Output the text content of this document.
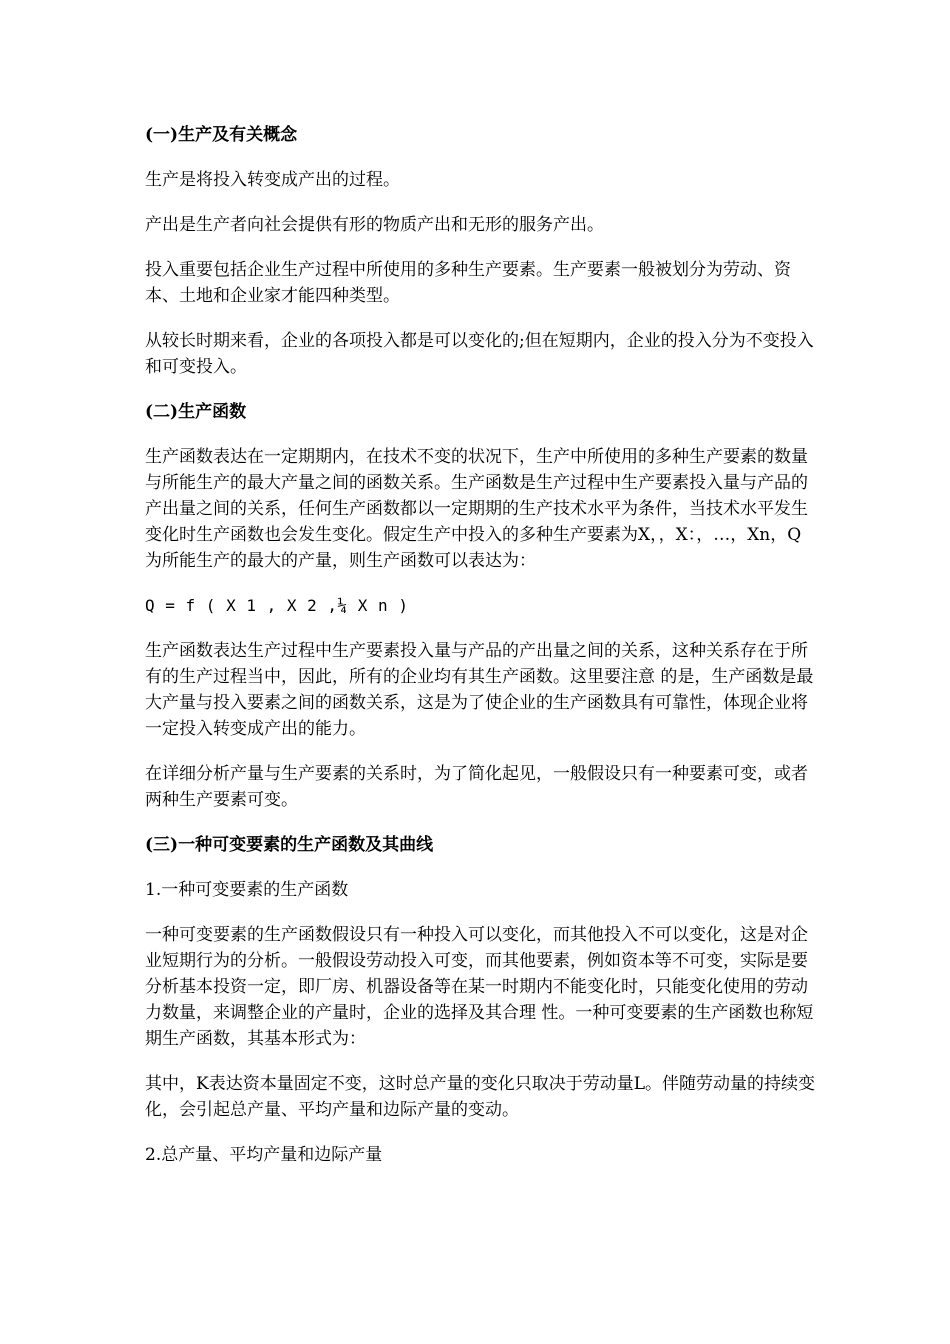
(一)生产及有关概念
生产是将投入转变成产出的过程。
产出是生产者向社会提供有形的物质产出和无形的服务产出。
投入重要包括企业生产过程中所使用的多种生产要素。生产要素一般被划分为劳动、资本、土地和企业家才能四种类型。
从较长时期来看，企业的各项投入都是可以变化的;但在短期内，企业的投入分为不变投入和可变投入。
(二)生产函数
生产函数表达在一定期期内，在技术不变的状况下，生产中所使用的多种生产要素的数量与所能生产的最大产量之间的函数关系。生产函数是生产过程中生产要素投入量与产品的产出量之间的关系，任何生产函数都以一定期期的生产技术水平为条件，当技术水平发生变化时生产函数也会发生变化。假定生产中投入的多种生产要素为X，，X：，…，Xn，Q为所能生产的最大的产量，则生产函数可以表达为：
Q = f ( X 1 , X 2 ,¼ X n )
生产函数表达生产过程中生产要素投入量与产品的产出量之间的关系，这种关系存在于所有的生产过程当中，因此，所有的企业均有其生产函数。这里要注意 的是，生产函数是最大产量与投入要素之间的函数关系，这是为了使企业的生产函数具有可靠性，体现企业将一定投入转变成产出的能力。
在详细分析产量与生产要素的关系时，为了简化起见，一般假设只有一种要素可变，或者两种生产要素可变。
(三)一种可变要素的生产函数及其曲线
1.一种可变要素的生产函数
一种可变要素的生产函数假设只有一种投入可以变化，而其他投入不可以变化，这是对企业短期行为的分析。一般假设劳动投入可变，而其他要素，例如资本等不可变，实际是要分析基本投资一定，即厂房、机器设备等在某一时期内不能变化时，只能变化使用的劳动力数量，来调整企业的产量时，企业的选择及其合理 性。一种可变要素的生产函数也称短期生产函数，其基本形式为：
其中，K表达资本量固定不变，这时总产量的变化只取决于劳动量L。伴随劳动量的持续变化，会引起总产量、平均产量和边际产量的变动。
2.总产量、平均产量和边际产量
